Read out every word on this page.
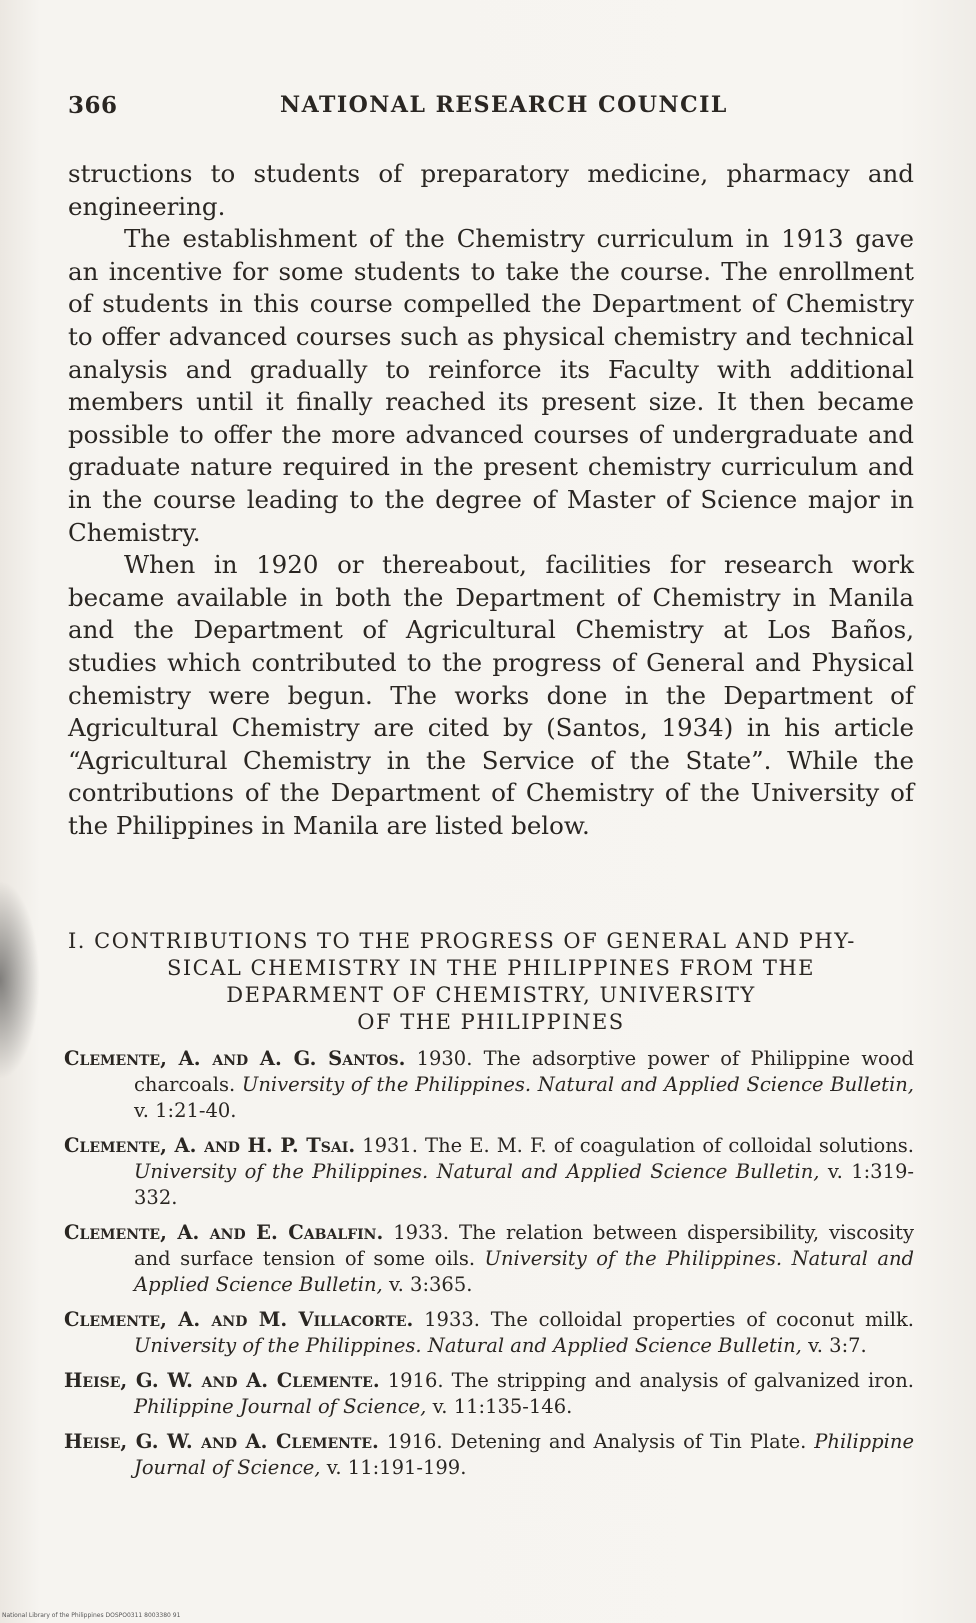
366	NATIONAL RESEARCH COUNCIL

structions to students of preparatory medicine, pharmacy and engineering.

The establishment of the Chemistry curriculum in 1913 gave an incentive for some students to take the course. The enrollment of students in this course compelled the Department of Chemistry to offer advanced courses such as physical chemistry and technical analysis and gradually to reinforce its Faculty with additional members until it finally reached its present size. It then became possible to offer the more advanced courses of undergraduate and graduate nature required in the present chemistry curriculum and in the course leading to the degree of Master of Science major in Chemistry.

When in 1920 or thereabout, facilities for research work became available in both the Department of Chemistry in Manila and the Department of Agricultural Chemistry at Los Baños, studies which contributed to the progress of General and Physical chemistry were begun. The works done in the Department of Agricultural Chemistry are cited by (Santos, 1934) in his article “Agricultural Chemistry in the Service of the State”. While the contributions of the Department of Chemistry of the University of the Philippines in Manila are listed below.

I. CONTRIBUTIONS TO THE PROGRESS OF GENERAL AND PHY-
SICAL CHEMISTRY IN THE PHILIPPINES FROM THE
DEPARMENT OF CHEMISTRY, UNIVERSITY
OF THE PHILIPPINES
Clemente, A. and A. G. Santos. 1930. The adsorptive power of Philippine wood charcoals. University of the Philippines. Natural and Applied Science Bulletin, v. 1:21-40.
Clemente, A. and H. P. Tsai. 1931. The E. M. F. of coagulation of colloidal solutions. University of the Philippines. Natural and Applied Science Bulletin, v. 1:319-332.
Clemente, A. and E. Cabalfin. 1933. The relation between dispersibility, viscosity and surface tension of some oils. University of the Philippines. Natural and Applied Science Bulletin, v. 3:365.
Clemente, A. and M. Villacorte. 1933. The colloidal properties of coconut milk. University of the Philippines. Natural and Applied Science Bulletin, v. 3:7.
Heise, G. W. and A. Clemente. 1916. The stripping and analysis of galvanized iron. Philippine Journal of Science, v. 11:135-146.
Heise, G. W. and A. Clemente. 1916. Detening and Analysis of Tin Plate. Philippine Journal of Science, v. 11:191-199.
National Library of the Philippines DOSPO0311 8003380 91
